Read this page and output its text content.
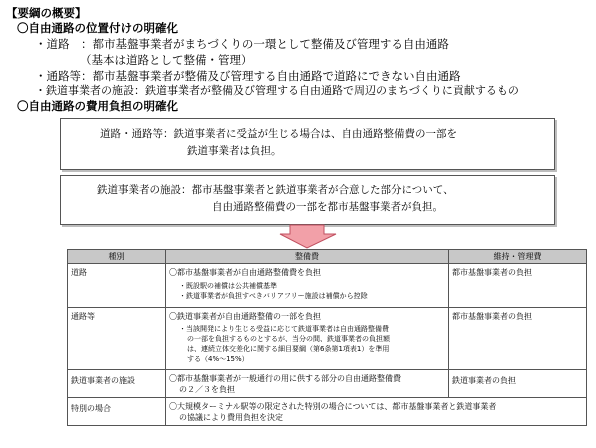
【要綱の概要】
〇自由通路の位置付けの明確化
・道路　：都市基盤事業者がまちづくりの一環として整備及び管理する自由通路
（基本は道路として整備・管理）
・通路等：都市基盤事業者が整備及び管理する自由通路で道路にできない自由通路
・鉄道事業者の施設：鉄道事業者が整備及び管理する自由通路で周辺のまちづくりに貢献するもの
〇自由通路の費用負担の明確化
道路・通路等：鉄道事業者に受益が生じる場合は、自由通路整備費の一部を
鉄道事業者は負担。
鉄道事業者の施設：都市基盤事業者と鉄道事業者が合意した部分について、
自由通路整備費の一部を都市基盤事業者が負担。
種別	整備費	維持・管理費
道路	〇都市基盤事業者が自由通路整備費を負担
・既設駅の補償は公共補償基準
・鉄道事業者が負担すべきバリアフリー施設は補償から控除	都市基盤事業者の負担
通路等	〇鉄道事業者が自由通路整備の一部を負担
・当該開発により生じる受益に応じて鉄道事業者は自由通路整備費
の一部を負担するものとするが、当分の間、鉄道事業者の負担額
は、連続立体交差化に関する細目要綱（第6条第1項表1）を準用
する（4%～15%）	都市基盤事業者の負担
鉄道事業者の施設	〇都市基盤事業者が一般通行の用に供する部分の自由通路整備費
の２／３を負担	鉄道事業者の負担
特別の場合	〇大規模ターミナル駅等の限定された特別の場合については、都市基盤事業者と鉄道事業者
の協議により費用負担を決定	
